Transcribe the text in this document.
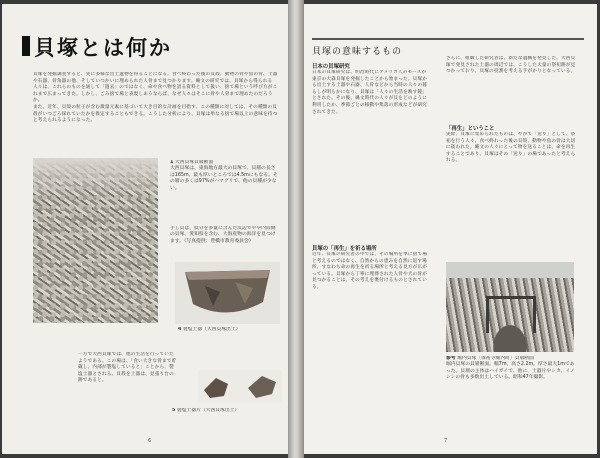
貝塚とは何か

貝塚を発掘調査すると、実に多様な出土遺物を得ることになる。食べ終わった後の貝殻、動物の骨や魚の骨、土器や石器、骨角器の他、そしていつかいに埋められた人骨まで見つかります。縄文の研究では、貝塚から得られる

人々は、これらのものを通して「過去」のではなく、命や食べ物を語る資料として扱い、捨て場という呼び方がこれまで広まってきた。しかし、ごみ捨て場と表現しあうならば、なぜ人々はそこに骨や人骨まで埋めたのだろうか。

また、近年、貝殻の粒子が含む微量元素に基づいて大き目的な計画を目指す、この種類に対しては、その種類の貝殻がいつごろ採れていたかを推定することもできる。こうした分析により、貝塚は単なる捨て場以上の意味を持つと考えられるようになった。

1 大西貝塚貝層断面
大西貝塚は、東海地方最大の貝塚で、貝層の長さは165m、最も厚いところでは4.5mにもなる。その層の多くは97%がハマグリで、他の貝種が少ない。
手し貝は、低分を多量に含んだ浜辺でやや内陸側の貝塚、愛知県を含む、大海産物の海洋を見つけます。（写真提供：豊橋市教育委員会）
4 製塩土器（大西貝塚出土）

一方で大西貝塚では、他の生活を行っていたようである。この場は、「食い大きな骨まで貯蔵し、内部が製塩していると」ことから、製塩土器とされる。貝殻を土器は、見張り台の跡であると。

5 製塩土器片（大西貝塚出土）
6
貝塚の意味するもの
日本の貝塚研究

日本の貝塚研究は、明治時代にアメリカ人のモースが東京の大森貝塚を発掘したことから始まった。貝塚から出土する土器や石器、人骨などから当時の人々の暮らしが明らかになり、貝塚は「人々の生活を映す鏡」とされた。その後、縄文時代の人々が貝をどのように利用したか、季節ごとの移動や集落の形成などが研究されてきた。

貝塚の「再生」を祈る場所

近年、貝塚の研究者の中では、その場所を単に捨て場と考えるのではなく、自然からの恵みを自然に返す場所、すなわち命の再生を祈る場所と考える見方が広がっている。貝塚から丁寧に埋葬された人骨や犬の骨が見つかることは、その考えを裏付けるものとされている。

「再生」ということ

さらに、組織した研究者は、新たな遺構を発見した。大西貝塚で発見された土器の周辺では、こうした大量の祭祀跡が見つかっており、貝塚の役割を考える手がかりとなっている。

実際、貝塚に集められたものは、やがて「送り」として、祭祀を行う人々、食べ終わった後の貝殻、動物や魚の骨は大切に扱われた。縄文の人々にとって物を送ることは、命を再生することであり、貝塚はその「送り」の場であったと考えられる。

参考 堀内貝塚〔保祐寺堀内町〕貝層断面
堀内貝塚の貝層断面。幅7m、高さ2.2m。厚さ最大1mであった。貝層の主体はハイガイで、他に、土器片やシカ、イノシシの骨も多数出土している。昭和47年撮影。
7
